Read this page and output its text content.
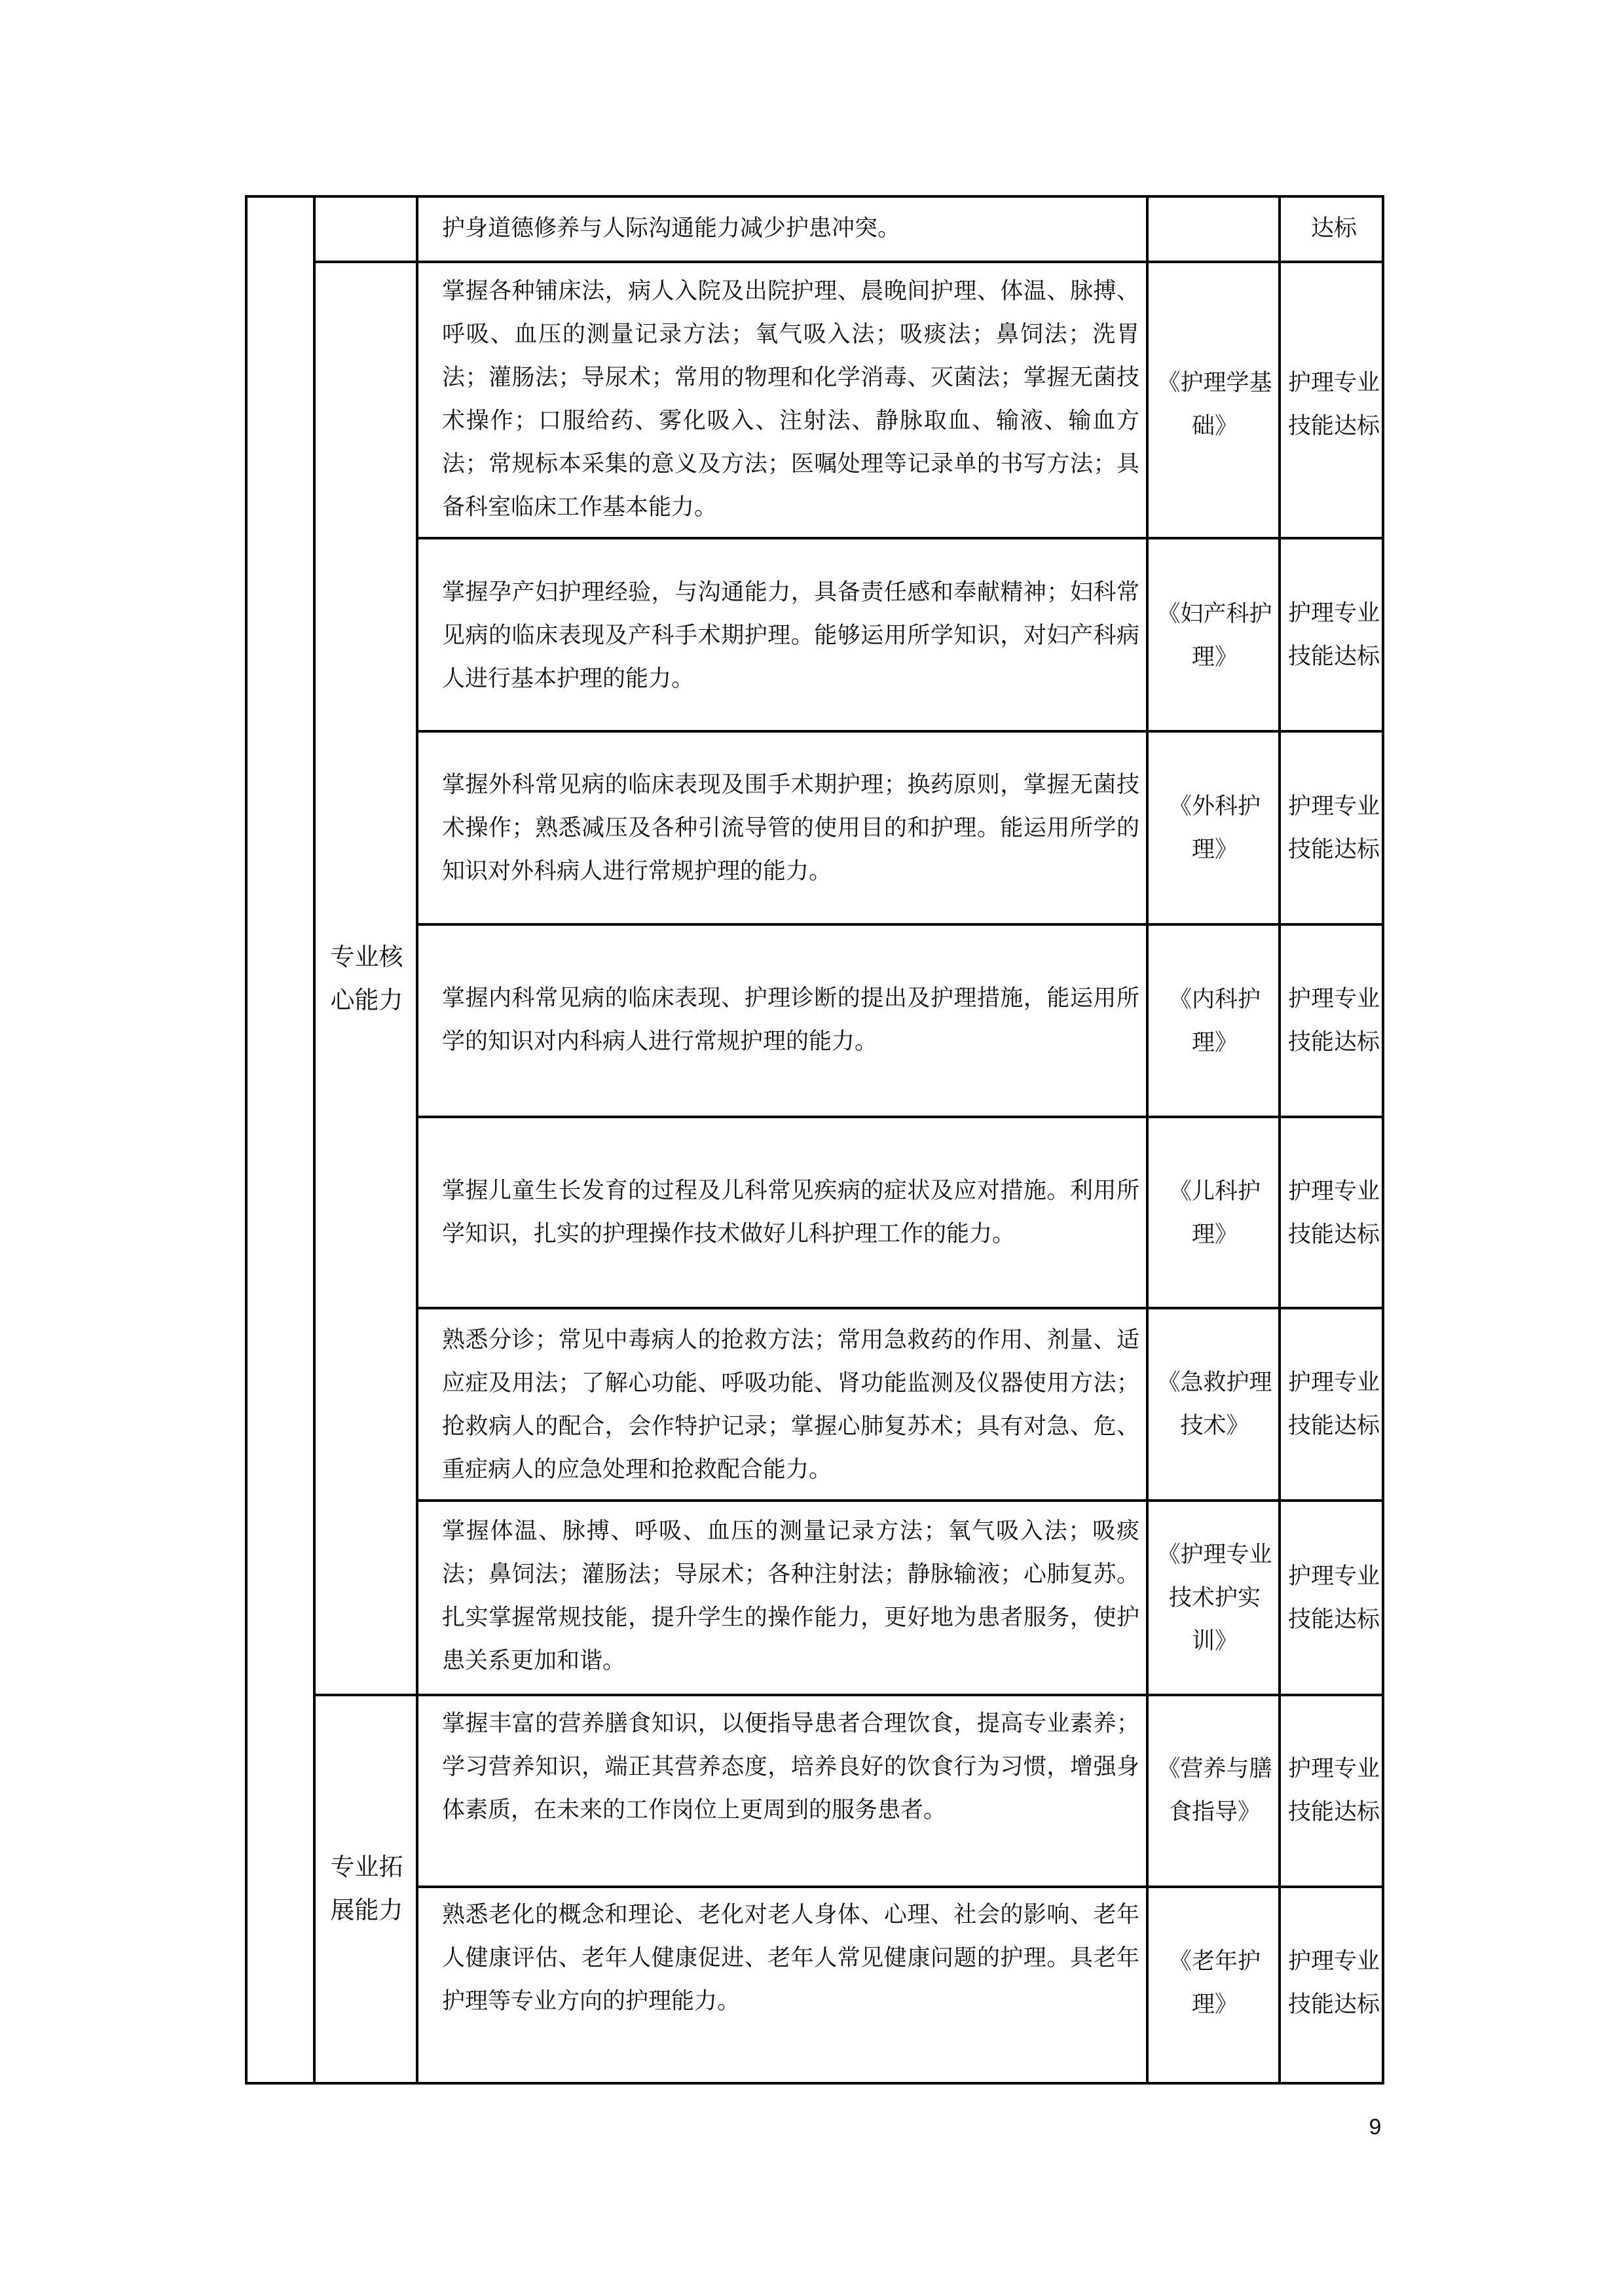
护身道德修养与人际沟通能力减少护患冲突。	达标
掌握各种铺床法，病人入院及出院护理、晨晚间护理、体温、脉搏、呼吸、血压的测量记录方法；氧气吸入法；吸痰法；鼻饲法；洗胃法；灌肠法；导尿术；常用的物理和化学消毒、灭菌法；掌握无菌技术操作；口服给药、雾化吸入、注射法、静脉取血、输液、输血方法；常规标本采集的意义及方法；医嘱处理等记录单的书写方法；具备科室临床工作基本能力。
《护理学基础》
护理专业技能达标
掌握孕产妇护理经验，与沟通能力，具备责任感和奉献精神；妇科常见病的临床表现及产科手术期护理。能够运用所学知识，对妇产科病人进行基本护理的能力。
《妇产科护理》
护理专业技能达标
掌握外科常见病的临床表现及围手术期护理；换药原则，掌握无菌技术操作；熟悉减压及各种引流导管的使用目的和护理。能运用所学的知识对外科病人进行常规护理的能力。
《外科护理》
护理专业技能达标
掌握内科常见病的临床表现、护理诊断的提出及护理措施，能运用所学的知识对内科病人进行常规护理的能力。
《内科护理》
护理专业技能达标
掌握儿童生长发育的过程及儿科常见疾病的症状及应对措施。利用所学知识，扎实的护理操作技术做好儿科护理工作的能力。
《儿科护理》
护理专业技能达标
熟悉分诊；常见中毒病人的抢救方法；常用急救药的作用、剂量、适应症及用法；了解心功能、呼吸功能、肾功能监测及仪器使用方法；抢救病人的配合，会作特护记录；掌握心肺复苏术；具有对急、危、重症病人的应急处理和抢救配合能力。
《急救护理技术》
护理专业技能达标
掌握体温、脉搏、呼吸、血压的测量记录方法；氧气吸入法；吸痰法；鼻饲法；灌肠法；导尿术；各种注射法；静脉输液；心肺复苏。扎实掌握常规技能，提升学生的操作能力，更好地为患者服务，使护患关系更加和谐。
《护理专业技术护实训》
护理专业技能达标
掌握丰富的营养膳食知识，以便指导患者合理饮食，提高专业素养；学习营养知识，端正其营养态度，培养良好的饮食行为习惯，增强身体素质，在未来的工作岗位上更周到的服务患者。
《营养与膳食指导》
护理专业技能达标
熟悉老化的概念和理论、老化对老人身体、心理、社会的影响、老年人健康评估、老年人健康促进、老年人常见健康问题的护理。具老年护理等专业方向的护理能力。
《老年护理》
护理专业技能达标
专业核心能力
专业拓展能力
9
